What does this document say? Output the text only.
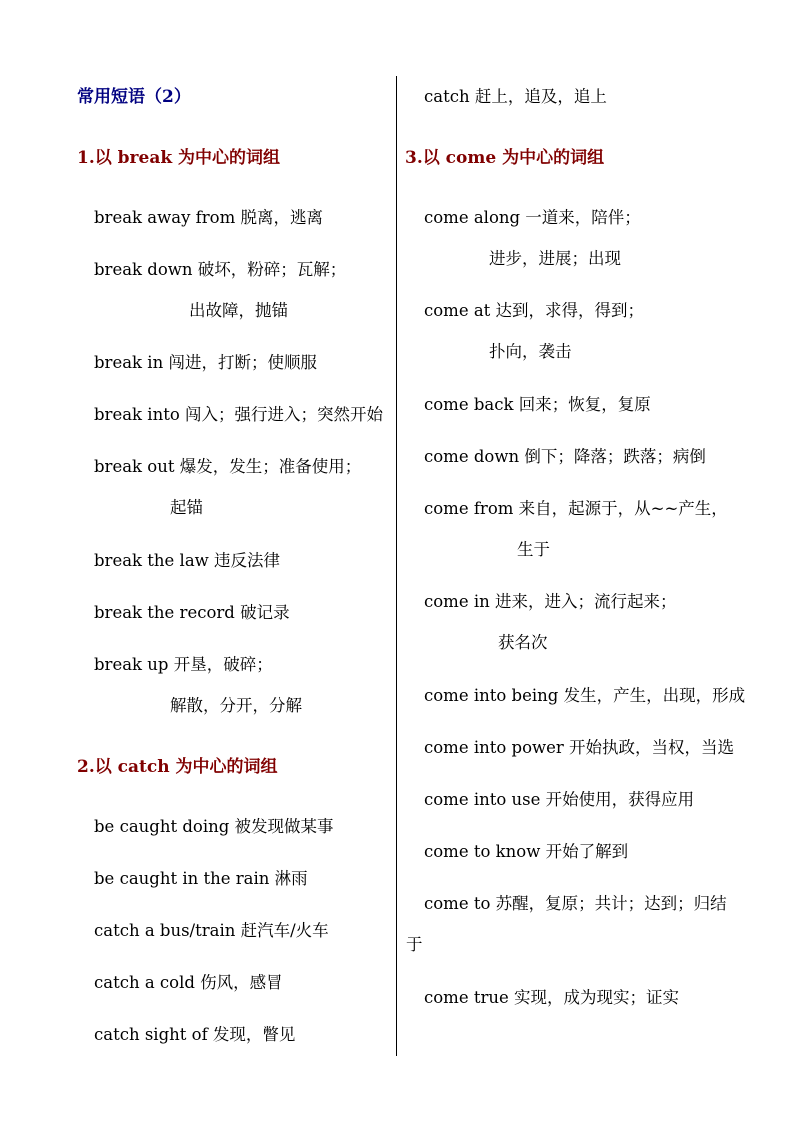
常用短语（2）
1.以 break 为中心的词组
break away from 脱离，逃离
break down 破坏，粉碎；瓦解；
出故障，抛锚
break in 闯进，打断；使顺服
break into 闯入；强行进入；突然开始
break out 爆发，发生；准备使用；
起锚
break the law 违反法律
break the record 破记录
break up 开垦，破碎；
解散，分开，分解
2.以 catch 为中心的词组
be caught doing 被发现做某事
be caught in the rain 淋雨
catch a bus/train 赶汽车/火车
catch a cold 伤风，感冒
catch sight of 发现，瞥见
catch 赶上，追及，追上
3.以 come 为中心的词组
come along 一道来，陪伴；
进步，进展；出现
come at 达到，求得，得到；
扑向，袭击
come back 回来；恢复，复原
come down 倒下；降落；跌落；病倒
come from 来自，起源于，从~~产生，
生于
come in 进来，进入；流行起来；
获名次
come into being 发生，产生，出现，形成
come into power 开始执政，当权，当选
come into use 开始使用，获得应用
come to know 开始了解到
come to 苏醒，复原；共计；达到；归结
于
come true 实现，成为现实；证实
